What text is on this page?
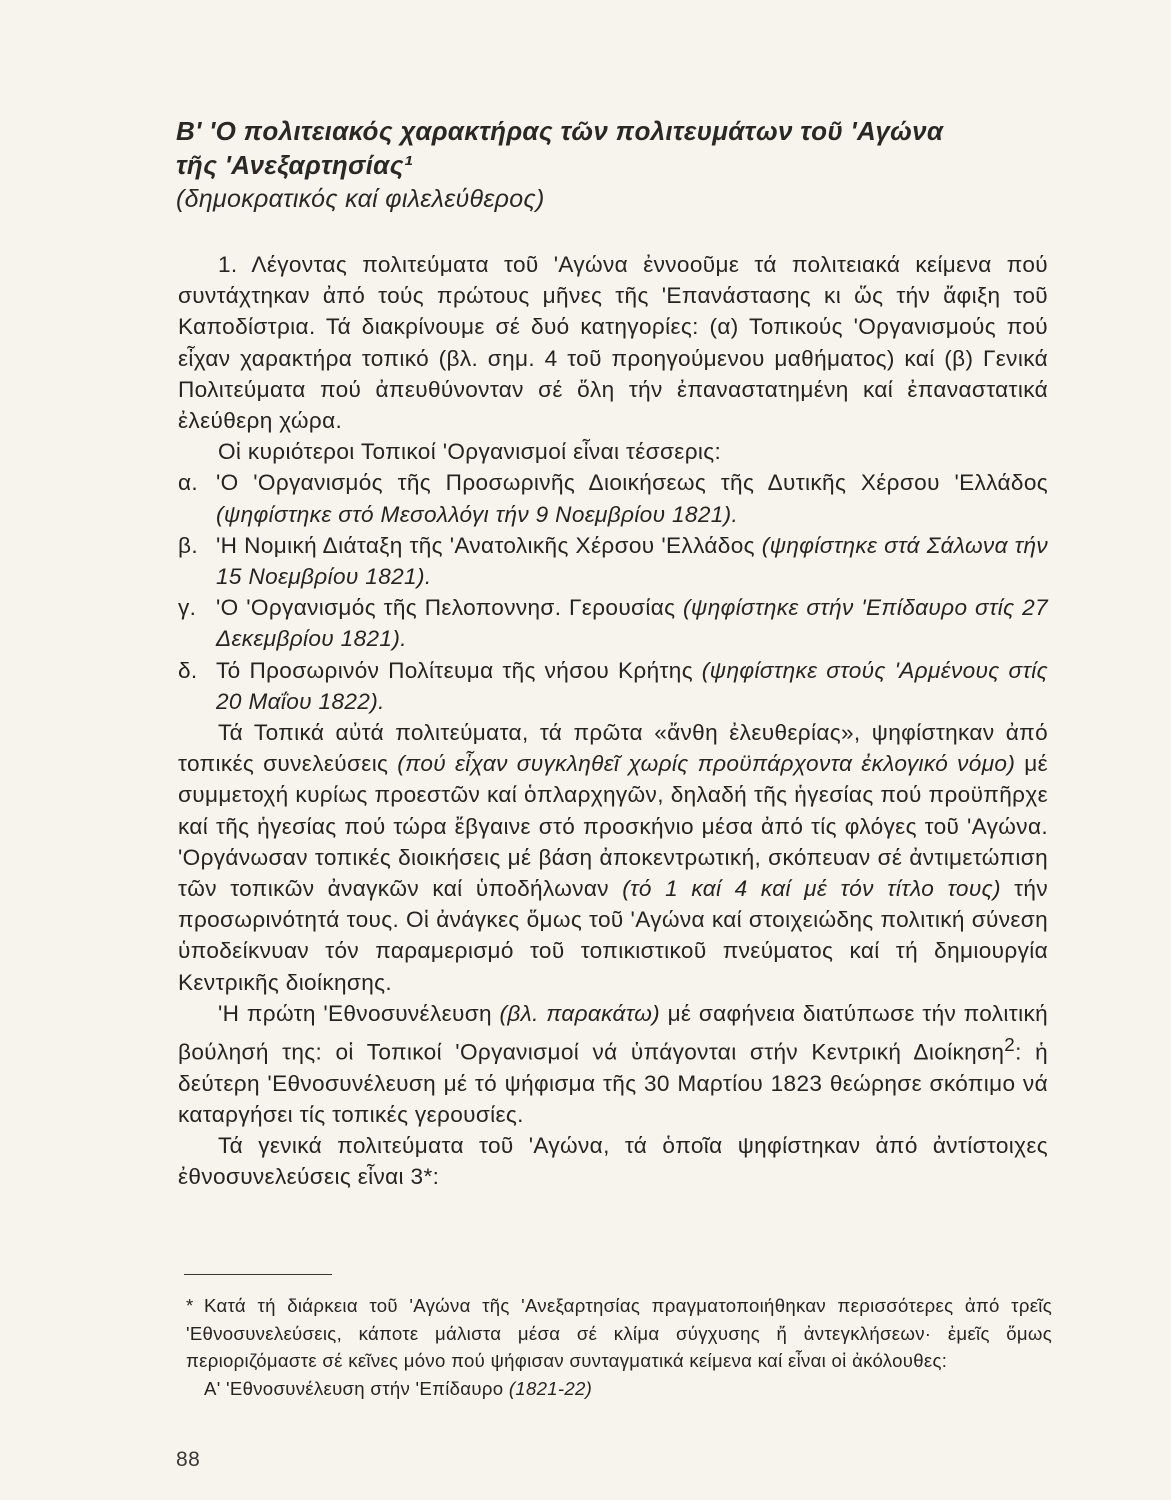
Β' 'Ο πολιτειακός χαρακτήρας τῶν πολιτευμάτων τοῦ 'Αγώνα
τῆς 'Ανεξαρτησίας¹
(δημοκρατικός καί φιλελεύθερος)

1. Λέγοντας πολιτεύματα τοῦ 'Αγώνα ἐννοοῦμε τά πολιτειακά κείμενα πού συντάχτηκαν ἀπό τούς πρώτους μῆνες τῆς 'Επανάστασης κι ὥς τήν ἄφιξη τοῦ Καποδίστρια. Τά διακρίνουμε σέ δυό κατηγορίες: (α) Τοπικούς 'Οργανισμούς πού εἶχαν χαρακτήρα τοπικό (βλ. σημ. 4 τοῦ προηγούμενου μαθήματος) καί (β) Γενικά Πολιτεύματα πού ἀπευθύνονταν σέ ὅλη τήν ἐπαναστατημένη καί ἐπαναστατικά ἐλεύθερη χώρα.

Οἱ κυριότεροι Τοπικοί 'Οργανισμοί εἶναι τέσσερις:

α. 'Ο 'Οργανισμός τῆς Προσωρινῆς Διοικήσεως τῆς Δυτικῆς Χέρσου 'Ελλάδος (ψηφίστηκε στό Μεσολλόγι τήν 9 Νοεμβρίου 1821).

β. 'Η Νομική Διάταξη τῆς 'Ανατολικῆς Χέρσου 'Ελλάδος (ψηφίστηκε στά Σάλωνα τήν 15 Νοεμβρίου 1821).

γ. 'Ο 'Οργανισμός τῆς Πελοποννησ. Γερουσίας (ψηφίστηκε στήν 'Επίδαυρο στίς 27 Δεκεμβρίου 1821).

δ. Τό Προσωρινόν Πολίτευμα τῆς νήσου Κρήτης (ψηφίστηκε στούς 'Αρμένους στίς 20 Μαΐου 1822).

Τά Τοπικά αὐτά πολιτεύματα, τά πρῶτα «ἄνθη ἐλευθερίας», ψηφίστηκαν ἀπό τοπικές συνελεύσεις (πού εἶχαν συγκληθεῖ χωρίς προϋπάρχοντα ἐκλογικό νόμο) μέ συμμετοχή κυρίως προεστῶν καί ὁπλαρχηγῶν, δηλαδή τῆς ἡγεσίας πού προϋπῆρχε καί τῆς ἡγεσίας πού τώρα ἔβγαινε στό προσκήνιο μέσα ἀπό τίς φλόγες τοῦ 'Αγώνα. 'Οργάνωσαν τοπικές διοικήσεις μέ βάση ἀποκεντρωτική, σκόπευαν σέ ἀντιμετώπιση τῶν τοπικῶν ἀναγκῶν καί ὑποδήλωναν (τό 1 καί 4 καί μέ τόν τίτλο τους) τήν προσωρινότητά τους. Οἱ ἀνάγκες ὅμως τοῦ 'Αγώνα καί στοιχειώδης πολιτική σύνεση ὑποδείκνυαν τόν παραμερισμό τοῦ τοπικιστικοῦ πνεύματος καί τή δημιουργία Κεντρικῆς διοίκησης.

'Η πρώτη 'Εθνοσυνέλευση (βλ. παρακάτω) μέ σαφήνεια διατύπωσε τήν πολιτική βούλησή της: οἱ Τοπικοί 'Οργανισμοί νά ὑπάγονται στήν Κεντρική Διοίκηση$^2$: ἡ δεύτερη 'Εθνοσυνέλευση μέ τό ψήφισμα τῆς 30 Μαρτίου 1823 θεώρησε σκόπιμο νά καταργήσει τίς τοπικές γερουσίες.

Τά γενικά πολιτεύματα τοῦ 'Αγώνα, τά ὁποῖα ψηφίστηκαν ἀπό ἀντίστοιχες ἐθνοσυνελεύσεις εἶναι 3*:

* Κατά τή διάρκεια τοῦ 'Αγώνα τῆς 'Ανεξαρτησίας πραγματοποιήθηκαν περισσότερες ἀπό τρεῖς 'Εθνοσυνελεύσεις, κάποτε μάλιστα μέσα σέ κλίμα σύγχυσης ἤ ἀντεγκλήσεων· ἐμεῖς ὅμως περιοριζόμαστε σέ κεῖνες μόνο πού ψήφισαν συνταγματικά κείμενα καί εἶναι οἱ ἀκόλουθες:

Α' 'Εθνοσυνέλευση στήν 'Επίδαυρο (1821-22)

88
